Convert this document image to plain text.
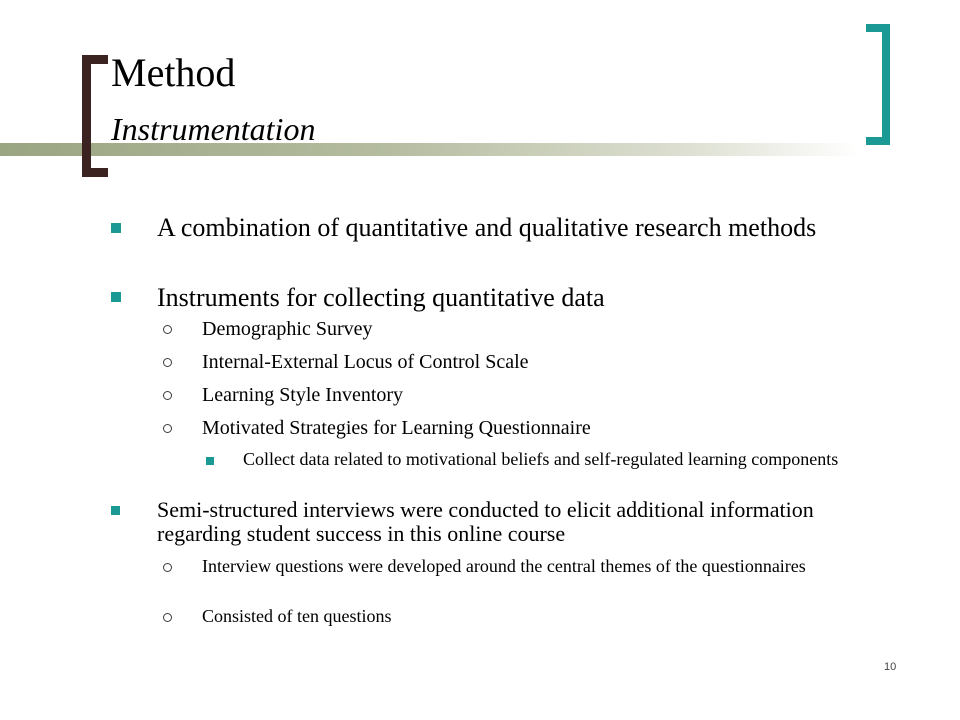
Method
Instrumentation
A combination of quantitative and qualitative research methods
Instruments for collecting quantitative data
Demographic Survey
Internal-External Locus of Control Scale
Learning Style Inventory
Motivated Strategies for Learning Questionnaire
Collect data related to motivational beliefs and self-regulated learning components
Semi-structured interviews were conducted to elicit additional information regarding student success in this online course
Interview questions were developed around the central themes of the questionnaires
Consisted of ten questions
10
